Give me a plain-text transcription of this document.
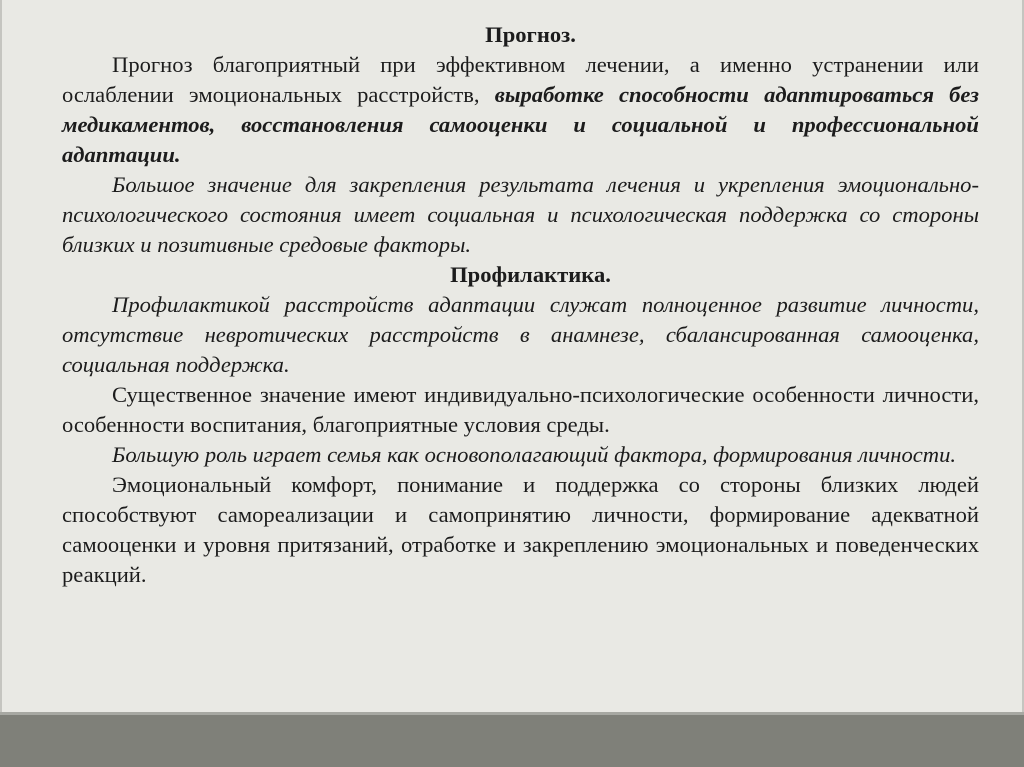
Прогноз.

Прогноз благоприятный при эффективном лечении, а именно устранении или ослаблении эмоциональных расстройств, выработке способности адаптироваться без медикаментов, восстановления самооценки и социальной и профессиональной адаптации.

Большое значение для закрепления результата лечения и укрепления эмоционально-психологического состояния имеет социальная и психологическая поддержка со стороны близких и позитивные средовые факторы.

Профилактика.

Профилактикой расстройств адаптации служат полноценное развитие личности, отсутствие невротических расстройств в анамнезе, сбалансированная самооценка, социальная поддержка.

Существенное значение имеют индивидуально-психологические особенности личности, особенности воспитания, благоприятные условия среды.

Большую роль играет семья как основополагающий фактора, формирования личности.

Эмоциональный комфорт, понимание и поддержка со стороны близких людей способствуют самореализации и самопринятию личности, формирование адекватной самооценки и уровня притязаний, отработке и закреплению эмоциональных и поведенческих реакций.
